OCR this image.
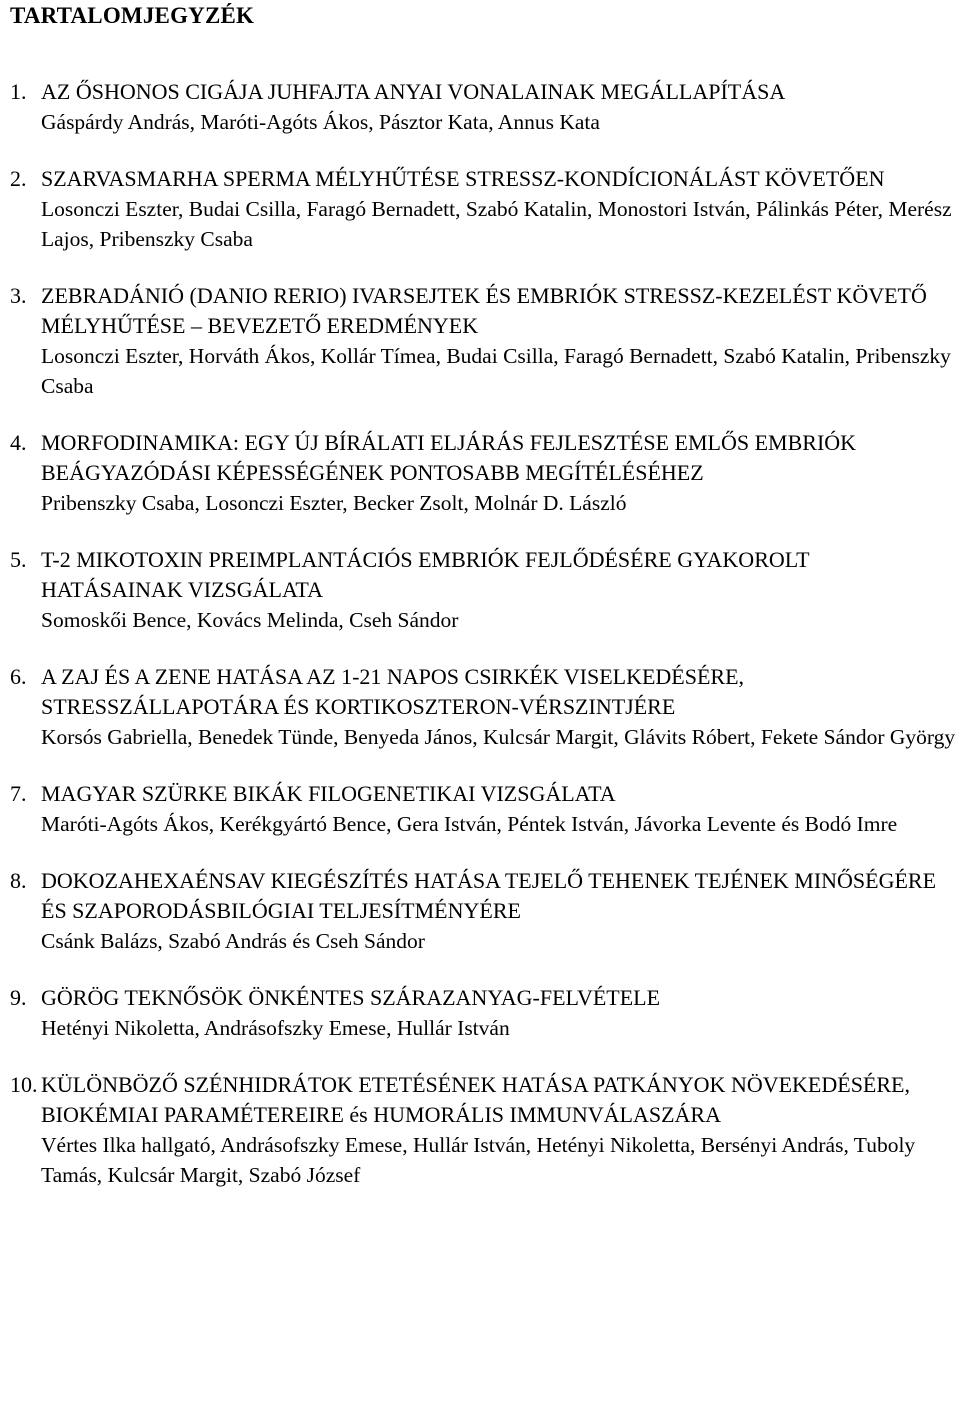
TARTALOMJEGYZÉK
1. AZ ŐSHONOS CIGÁJA JUHFAJTA ANYAI VONALAINAK MEGÁLLAPÍTÁSA

Gáspárdy András, Maróti-Agóts Ákos, Pásztor Kata, Annus Kata

2. SZARVASMARHA SPERMA MÉLYHŰTÉSE STRESSZ-KONDÍCIONÁLÁST KÖVETŐEN

Losonczi Eszter, Budai Csilla, Faragó Bernadett, Szabó Katalin, Monostori István, Pálinkás Péter, Merész Lajos, Pribenszky Csaba

3. ZEBRADÁNIÓ (DANIO RERIO) IVARSEJTEK ÉS EMBRIÓK STRESSZ-KEZELÉST KÖVETŐ MÉLYHŰTÉSE – BEVEZETŐ EREDMÉNYEK

Losonczi Eszter, Horváth Ákos, Kollár Tímea, Budai Csilla, Faragó Bernadett, Szabó Katalin, Pribenszky Csaba

4. MORFODINAMIKA: EGY ÚJ BÍRÁLATI ELJÁRÁS FEJLESZTÉSE EMLŐS EMBRIÓK BEÁGYAZÓDÁSI KÉPESSÉGÉNEK PONTOSABB MEGÍTÉLÉSÉHEZ

Pribenszky Csaba, Losonczi Eszter, Becker Zsolt, Molnár D. László

5. T-2 MIKOTOXIN PREIMPLANTÁCIÓS EMBRIÓK FEJLŐDÉSÉRE GYAKOROLT HATÁSAINAK VIZSGÁLATA

Somoskői Bence, Kovács Melinda, Cseh Sándor

6. A ZAJ ÉS A ZENE HATÁSA AZ 1-21 NAPOS CSIRKÉK VISELKEDÉSÉRE, STRESSZÁLLAPOTÁRA ÉS KORTIKOSZTERON-VÉRSZINTJÉRE

Korsós Gabriella, Benedek Tünde, Benyeda János, Kulcsár Margit, Glávits Róbert, Fekete Sándor György

7. MAGYAR SZÜRKE BIKÁK FILOGENETIKAI VIZSGÁLATA

Maróti-Agóts Ákos, Kerékgyártó Bence, Gera István, Péntek István, Jávorka Levente és Bodó Imre

8. DOKOZAHEXAÉNSAV KIEGÉSZÍTÉS HATÁSA TEJELŐ TEHENEK TEJÉNEK MINŐSÉGÉRE ÉS SZAPORODÁSBILÓGIAI TELJESÍTMÉNYÉRE

Csánk Balázs, Szabó András és Cseh Sándor

9. GÖRÖG TEKNŐSÖK ÖNKÉNTES SZÁRAZANYAG-FELVÉTELE

Hetényi Nikoletta, Andrásofszky Emese, Hullár István

10. KÜLÖNBÖZŐ SZÉNHIDRÁTOK ETETÉSÉNEK HATÁSA PATKÁNYOK NÖVEKEDÉSÉRE, BIOKÉMIAI PARAMÉTEREIRE és HUMORÁLIS IMMUNVÁLASZÁRA

Vértes Ilka hallgató, Andrásofszky Emese, Hullár István, Hetényi Nikoletta, Bersényi András, Tuboly Tamás, Kulcsár Margit, Szabó József
